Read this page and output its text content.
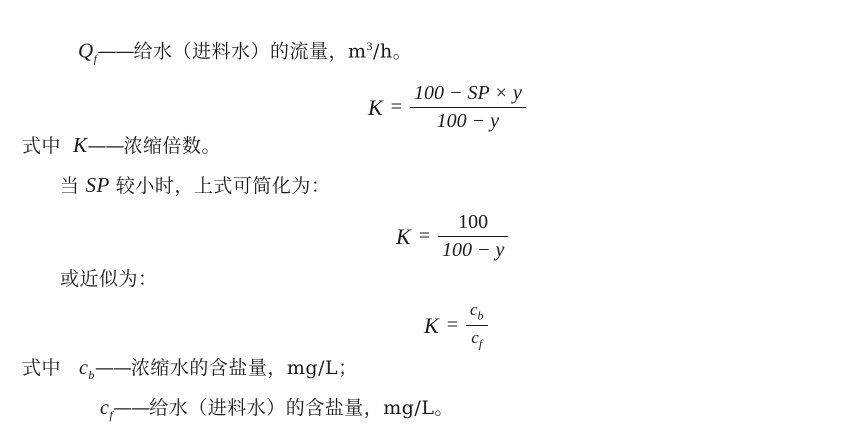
$Q_f——$给水（进料水）的流量，$m^3/h$。
$K = \frac{100 - SP \times y}{100 - y}$
式中 K——浓缩倍数。
当 SP 较小时，上式可简化为：
$K = \frac{100}{100 - y}$
或近似为：
$K = \frac{c_b}{c_f}$
式中 $c_b——$浓缩水的含盐量，mg/L；
$c_f——$给水（进料水）的含盐量，mg/L。
